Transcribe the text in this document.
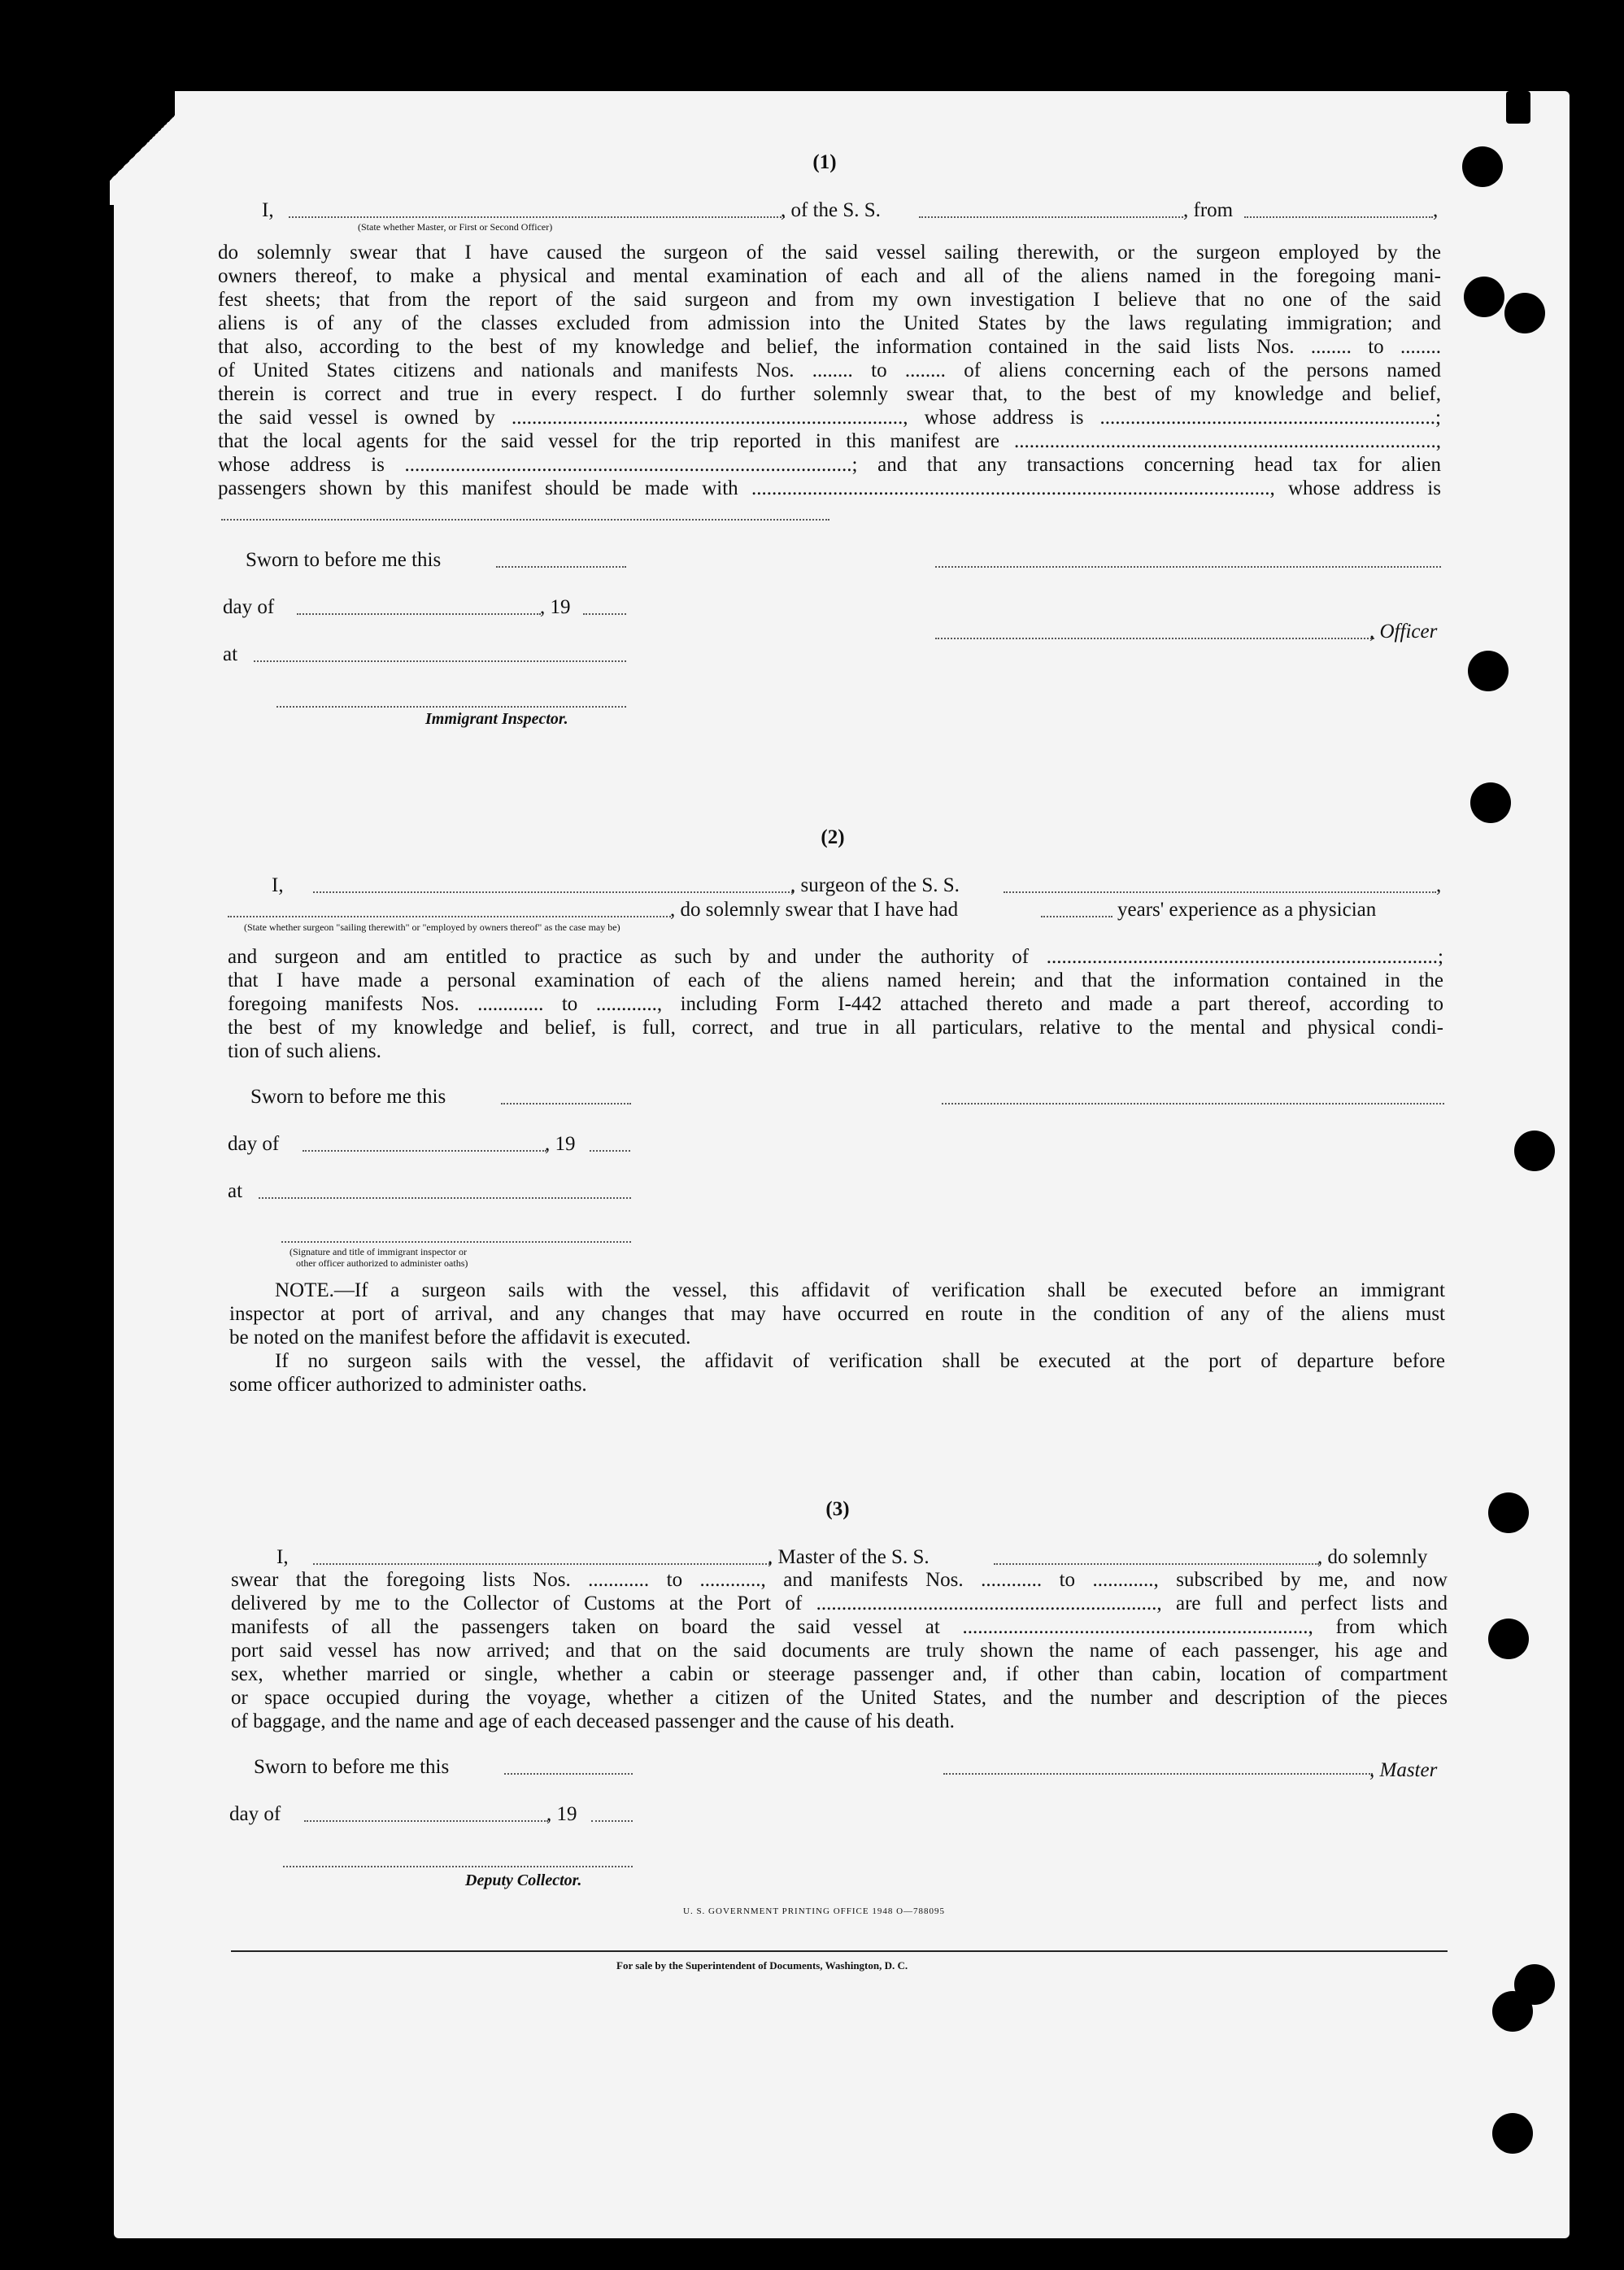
(1)
I,	, of the S. S.	, from	,
(State whether Master, or First or Second Officer)
do solemnly swear that I have caused the surgeon of the said vessel sailing therewith, or the surgeon employed by the
owners thereof, to make a physical and mental examination of each and all of the aliens named in the foregoing mani-
fest sheets; that from the report of the said surgeon and from my own investigation I believe that no one of the said
aliens is of any of the classes excluded from admission into the United States by the laws regulating immigration; and
that also, according to the best of my knowledge and belief, the information contained in the said lists Nos. ........ to ........
of United States citizens and nationals and manifests Nos. ........ to ........ of aliens concerning each of the persons named
therein is correct and true in every respect. I do further solemnly swear that, to the best of my knowledge and belief,
the said vessel is owned by ............................................................................., whose address is ..................................................................;
that the local agents for the said vessel for the trip reported in this manifest are ...................................................................................,
whose address is ........................................................................................; and that any transactions concerning head tax for alien
passengers shown by this manifest should be made with ......................................................................................................, whose address is
Sworn to before me this
day of	, 19
, Officer
at
Immigrant Inspector.
(2)
I,	, surgeon of the S. S.	,
, do solemnly swear that I have had	years' experience as a physician
(State whether surgeon "sailing therewith" or "employed by owners thereof" as the case may be)
and surgeon and am entitled to practice as such by and under the authority of .............................................................................;
that I have made a personal examination of each of the aliens named herein; and that the information contained in the
foregoing manifests Nos. ............. to ............, including Form I-442 attached thereto and made a part thereof, according to
the best of my knowledge and belief, is full, correct, and true in all particulars, relative to the mental and physical condi-
tion of such aliens.
Sworn to before me this
day of	, 19
at
(Signature and title of immigrant inspector or
other officer authorized to administer oaths)
NOTE.—If a surgeon sails with the vessel, this affidavit of verification shall be executed before an immigrant
inspector at port of arrival, and any changes that may have occurred en route in the condition of any of the aliens must
be noted on the manifest before the affidavit is executed.
If no surgeon sails with the vessel, the affidavit of verification shall be executed at the port of departure before
some officer authorized to administer oaths.
(3)
I,	, Master of the S. S.	, do solemnly
swear that the foregoing lists Nos. ............ to ............, and manifests Nos. ............ to ............, subscribed by me, and now
delivered by me to the Collector of Customs at the Port of ..................................................................., are full and perfect lists and
manifests of all the passengers taken on board the said vessel at ...................................................................., from which
port said vessel has now arrived; and that on the said documents are truly shown the name of each passenger, his age and
sex, whether married or single, whether a cabin or steerage passenger and, if other than cabin, location of compartment
or space occupied during the voyage, whether a citizen of the United States, and the number and description of the pieces
of baggage, and the name and age of each deceased passenger and the cause of his death.
Sworn to before me this	, Master
day of	, 19
Deputy Collector.
U. S. GOVERNMENT PRINTING OFFICE 1948 O—788095
For sale by the Superintendent of Documents, Washington, D. C.
